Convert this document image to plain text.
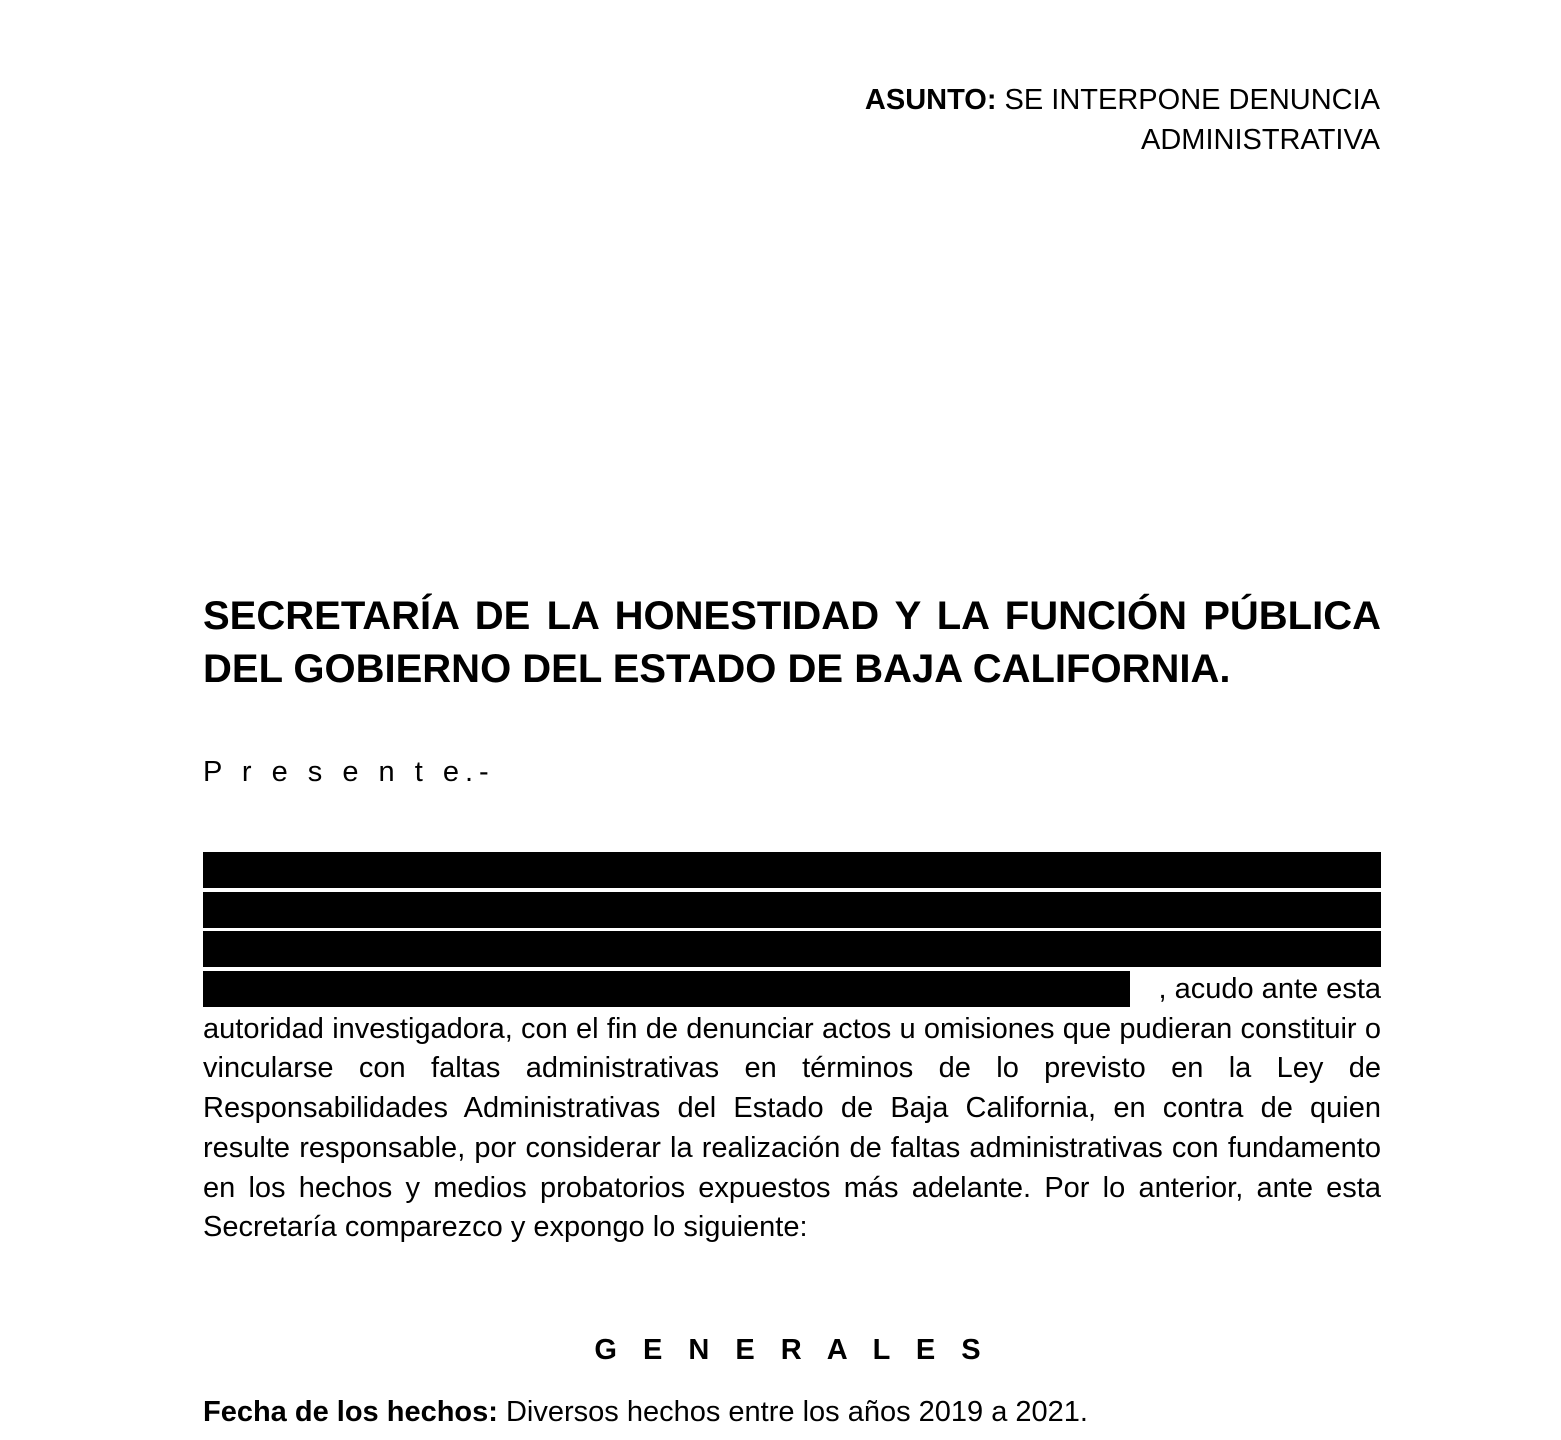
ASUNTO: SE INTERPONE DENUNCIA
ADMINISTRATIVA
SECRETARÍA DE LA HONESTIDAD Y LA FUNCIÓN PÚBLICA DEL GOBIERNO DEL ESTADO DE BAJA CALIFORNIA.
P r e s e n t e.-
, acudo ante esta
autoridad investigadora, con el fin de denunciar actos u omisiones que pudieran constituir o vincularse con faltas administrativas en términos de lo previsto en la Ley de Responsabilidades Administrativas del Estado de Baja California, en contra de quien resulte responsable, por considerar la realización de faltas administrativas con fundamento en los hechos y medios probatorios expuestos más adelante. Por lo anterior, ante esta Secretaría comparezco y expongo lo siguiente:
G E N E R A L E S
Fecha de los hechos: Diversos hechos entre los años 2019 a 2021.
